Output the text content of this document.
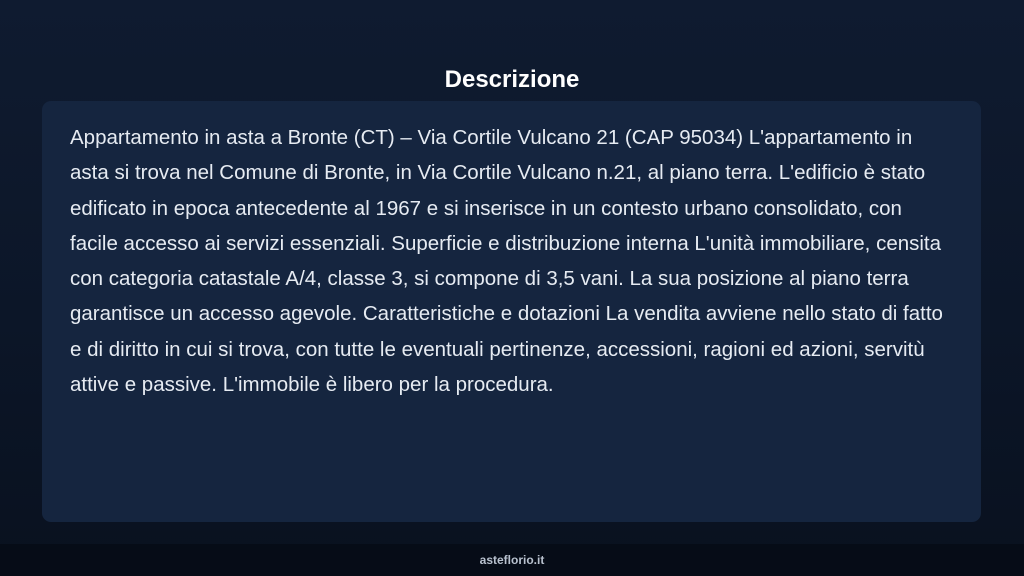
Descrizione

Appartamento in asta a Bronte (CT) – Via Cortile Vulcano 21 (CAP 95034) L'appartamento in asta si trova nel Comune di Bronte, in Via Cortile Vulcano n.21, al piano terra. L'edificio è stato edificato in epoca antecedente al 1967 e si inserisce in un contesto urbano consolidato, con facile accesso ai servizi essenziali. Superficie e distribuzione interna L'unità immobiliare, censita con categoria catastale A/4, classe 3, si compone di 3,5 vani. La sua posizione al piano terra garantisce un accesso agevole. Caratteristiche e dotazioni La vendita avviene nello stato di fatto e di diritto in cui si trova, con tutte le eventuali pertinenze, accessioni, ragioni ed azioni, servitù attive e passive. L'immobile è libero per la procedura.

asteflorio.it
